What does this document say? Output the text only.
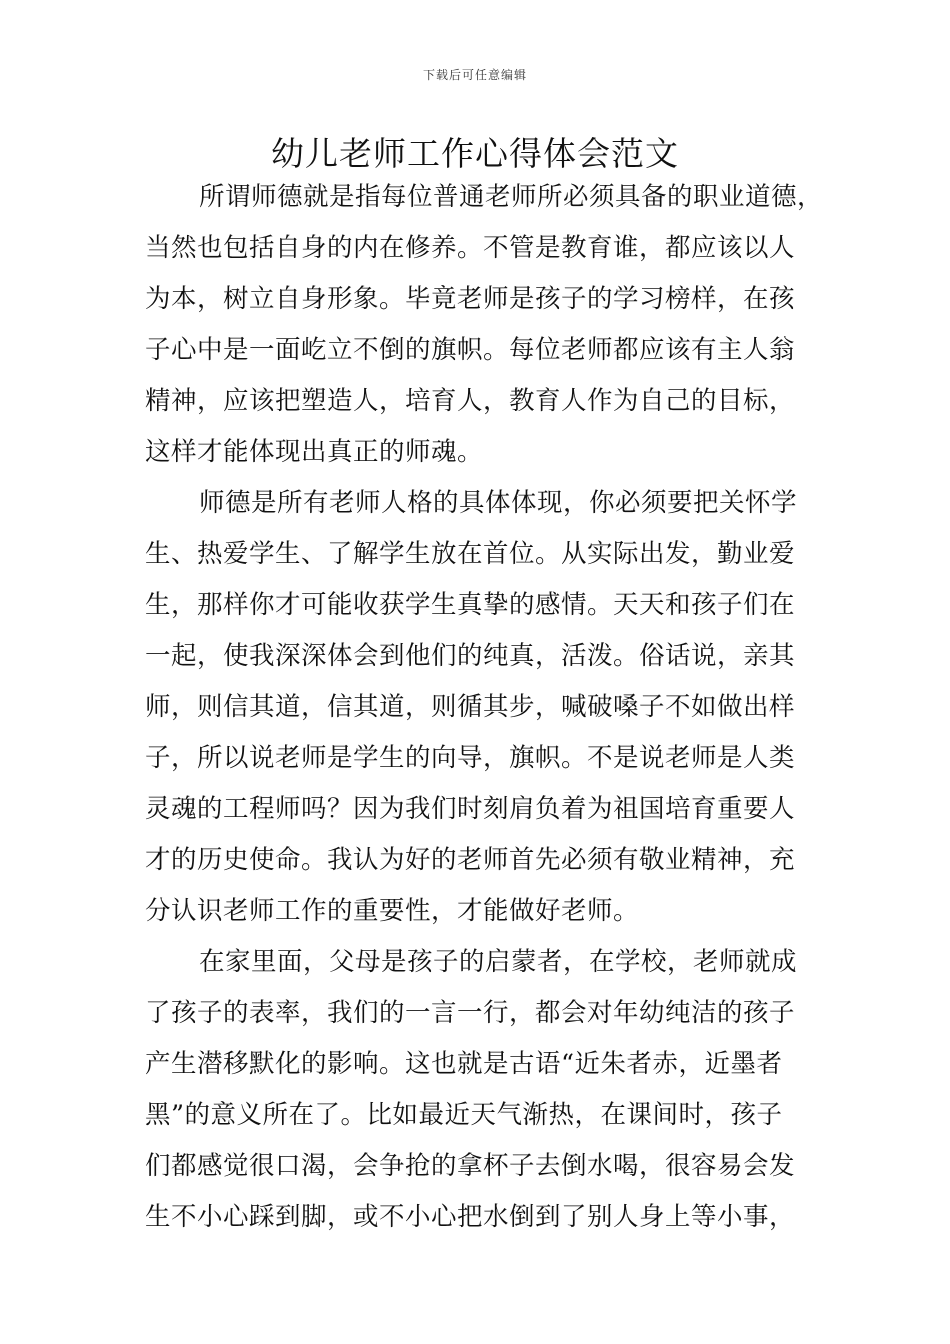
下载后可任意编辑
幼儿老师工作心得体会范文
所谓师德就是指每位普通老师所必须具备的职业道德，
当然也包括自身的内在修养。不管是教育谁，都应该以人
为本，树立自身形象。毕竟老师是孩子的学习榜样，在孩
子心中是一面屹立不倒的旗帜。每位老师都应该有主人翁
精神，应该把塑造人，培育人，教育人作为自己的目标，
这样才能体现出真正的师魂。
师德是所有老师人格的具体体现，你必须要把关怀学
生、热爱学生、了解学生放在首位。从实际出发，勤业爱
生，那样你才可能收获学生真挚的感情。天天和孩子们在
一起，使我深深体会到他们的纯真，活泼。俗话说，亲其
师，则信其道，信其道，则循其步，喊破嗓子不如做出样
子，所以说老师是学生的向导，旗帜。不是说老师是人类
灵魂的工程师吗？因为我们时刻肩负着为祖国培育重要人
才的历史使命。我认为好的老师首先必须有敬业精神，充
分认识老师工作的重要性，才能做好老师。
在家里面，父母是孩子的启蒙者，在学校，老师就成
了孩子的表率，我们的一言一行，都会对年幼纯洁的孩子
产生潜移默化的影响。这也就是古语“近朱者赤，近墨者
黑”的意义所在了。比如最近天气渐热，在课间时，孩子
们都感觉很口渴，会争抢的拿杯子去倒水喝，很容易会发
生不小心踩到脚，或不小心把水倒到了别人身上等小事，
